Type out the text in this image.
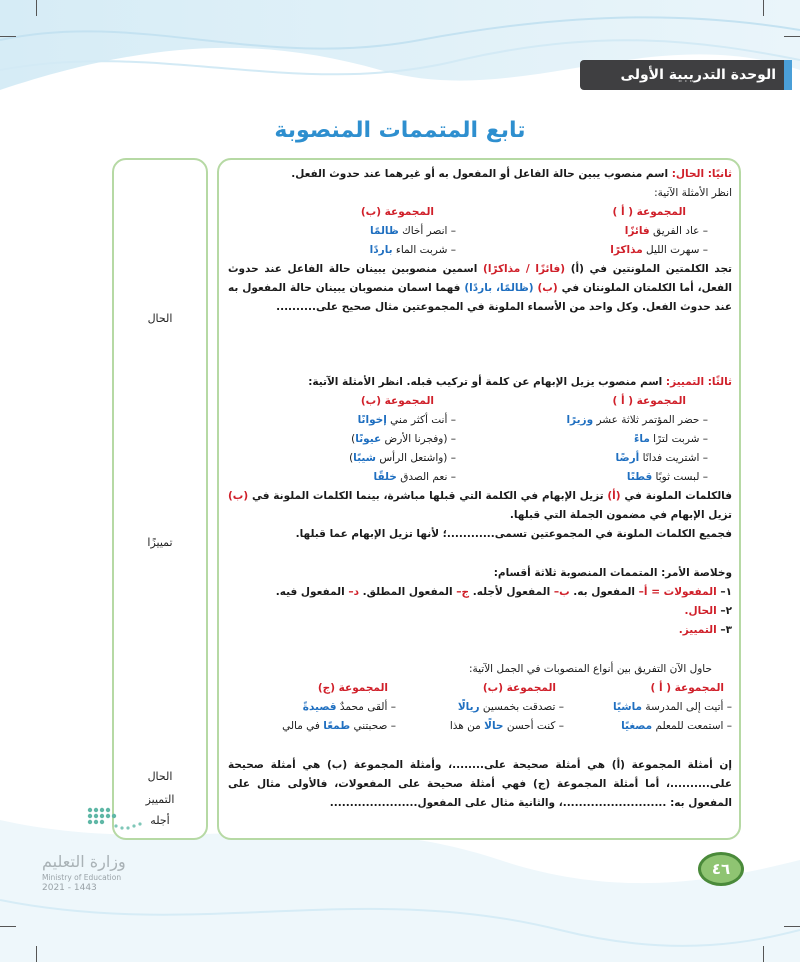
الوحدة التدريبية الأولى
تابع المتممات المنصوبة
الحال
تمييزًا
الحال
التمييز
أجله

ثانيًا: الحال: اسم منصوب يبين حالة الفاعل أو المفعول به أو غيرهما عند حدوث الفعل.

انظر الأمثلة الآتية:

المجموعة ( أ )

– عاد الفريق فائزًا

– سهرت الليل مذاكرًا

المجموعة (ب)

– انصر أخاك ظالمًا

– شربت الماء باردًا

تجد الكلمتين الملونتين في (أ) (فائزًا / مذاكرًا) اسمين منصوبين يبينان حالة الفاعل عند حدوث الفعل، أما الكلمتان الملونتان في (ب) (ظالمًا، باردًا) فهما اسمان منصوبان يبينان حالة المفعول به عند حدوث الفعل. وكل واحد من الأسماء الملونة في المجموعتين مثال صحيح على..........

ثالثًا: التمييز: اسم منصوب يزيل الإبهام عن كلمة أو تركيب قبله. انظر الأمثلة الآتية:

المجموعة ( أ )

– حضر المؤتمر ثلاثة عشر وزيرًا

– شربت لترًا ماءً

– اشتريت فدانًا أرضًا

– لبست ثوبًا قطنًا

المجموعة (ب)

– أنت أكثر مني إخوانًا

– (وفجرنا الأرض عيونًا)

– (واشتعل الرأس شيبًا)

– نعم الصدق خلقًا

فالكلمات الملونة في (أ) تزيل الإبهام في الكلمة التي قبلها مباشرة، بينما الكلمات الملونة في (ب) تزيل الإبهام في مضمون الجملة التي قبلها.

فجميع الكلمات الملونة في المجموعتين تسمى............؛ لأنها تزيل الإبهام عما قبلها.

وخلاصة الأمر: المتممات المنصوبة ثلاثة أقسام:

١– المفعولات = أ– المفعول به. ب– المفعول لأجله. ج– المفعول المطلق. د– المفعول فيه.

٢– الحال.

٣– التمييز.

حاول الآن التفريق بين أنواع المنصوبات في الجمل الآتية:

المجموعة ( أ )

– أتيت إلى المدرسة ماشيًا

– استمعت للمعلم مصغيًا

المجموعة (ب)

– تصدقت بخمسين ريالًا

– كنت أحسن حالًا من هذا

المجموعة (ج)

– ألقى محمدٌ قصيدةً

– صحبتني طمعًا في مالي

إن أمثلة المجموعة (أ) هي أمثلة صحيحة على........، وأمثلة المجموعة (ب) هي أمثلة صحيحة على..........، أما أمثلة المجموعة (ج) فهي أمثلة صحيحة على المفعولات، فالأولى مثال على المفعول به: ..........................، والثانية مثال على المفعول......................

وزارة التعليم
Ministry of Education
2021 - 1443
٤٦
